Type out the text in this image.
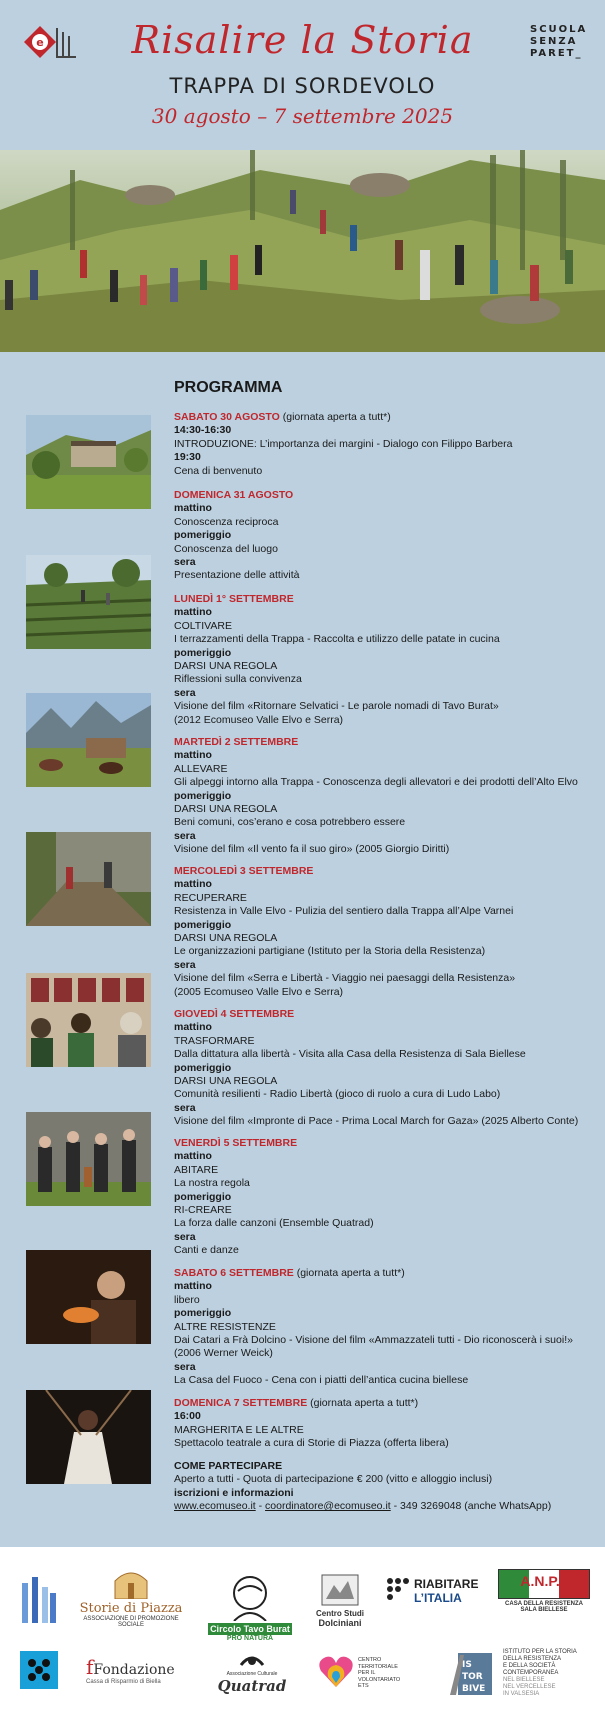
e	Risalire la Storia
TRAPPA DI SORDEVOLO
30 agosto – 7 settembre 2025
SCUOLA
SENZA
PARET_
PROGRAMMA
SABATO 30 AGOSTO (giornata aperta a tutt*)
14:30-16:30
INTRODUZIONE: L’importanza dei margini - Dialogo con Filippo Barbera
19:30
Cena di benvenuto
DOMENICA 31 AGOSTO
mattino
Conoscenza reciproca
pomeriggio
Conoscenza del luogo
sera
Presentazione delle attività
LUNEDÌ 1° SETTEMBRE
mattino
COLTIVARE
I terrazzamenti della Trappa - Raccolta e utilizzo delle patate in cucina
pomeriggio
DARSI UNA REGOLA
Riflessioni sulla convivenza
sera
Visione del film «Ritornare Selvatici - Le parole nomadi di Tavo Burat»
(2012 Ecomuseo Valle Elvo e Serra)
MARTEDÌ 2 SETTEMBRE
mattino
ALLEVARE
Gli alpeggi intorno alla Trappa - Conoscenza degli allevatori e dei prodotti dell’Alto Elvo
pomeriggio
DARSI UNA REGOLA
Beni comuni, cos’erano e cosa potrebbero essere
sera
Visione del film «Il vento fa il suo giro» (2005 Giorgio Diritti)
MERCOLEDÌ 3 SETTEMBRE
mattino
RECUPERARE
Resistenza in Valle Elvo - Pulizia del sentiero dalla Trappa all’Alpe Varnei
pomeriggio
DARSI UNA REGOLA
Le organizzazioni partigiane (Istituto per la Storia della Resistenza)
sera
Visione del film «Serra e Libertà - Viaggio nei paesaggi della Resistenza»
(2005 Ecomuseo Valle Elvo e Serra)
GIOVEDÌ 4 SETTEMBRE
mattino
TRASFORMARE
Dalla dittatura alla libertà - Visita alla Casa della Resistenza di Sala Biellese
pomeriggio
DARSI UNA REGOLA
Comunità resilienti - Radio Libertà (gioco di ruolo a cura di Ludo Labo)
sera
Visione del film «Impronte di Pace - Prima Local March for Gaza» (2025 Alberto Conte)
VENERDÌ 5 SETTEMBRE
mattino
ABITARE
La nostra regola
pomeriggio
RI-CREARE
La forza dalle canzoni (Ensemble Quatrad)
sera
Canti e danze
SABATO 6 SETTEMBRE (giornata aperta a tutt*)
mattino
libero
pomeriggio
ALTRE RESISTENZE
Dai Catari a Frà Dolcino - Visione del film «Ammazzateli tutti - Dio riconoscerà i suoi!»
(2006 Werner Weick)
sera
La Casa del Fuoco - Cena con i piatti dell’antica cucina biellese
DOMENICA 7 SETTEMBRE (giornata aperta a tutt*)
16:00
MARGHERITA E LE ALTRE
Spettacolo teatrale a cura di Storie di Piazza (offerta libera)
COME PARTECIPARE
Aperto a tutti - Quota di partecipazione € 200 (vitto e alloggio inclusi)
iscrizioni e informazioni
www.ecomuseo.it - coordinatore@ecomuseo.it - 349 3269048 (anche WhatsApp)
Storie di Piazza
ASSOCIAZIONE DI PROMOZIONE SOCIALE	Circolo Tavo Burat
PRO NATURA
Centro Studi
Dolciniani
RIABITARE
L’ITALIA
A.N.P.I.
CASA DELLA RESISTENZA
SALA BIELLESE
fFondazione
Cassa di Risparmio di Biella
Associazione Culturale
Quatrad
CENTRO
TERRITORIALE
PER IL
VOLONTARIATO
ETS
IS
TOR
BIVE
ISTITUTO PER LA STORIA
DELLA RESISTENZA
E DELLA SOCIETÀ
CONTEMPORANEA
NEL BIELLESE
NEL VERCELLESE
IN VALSESIA
